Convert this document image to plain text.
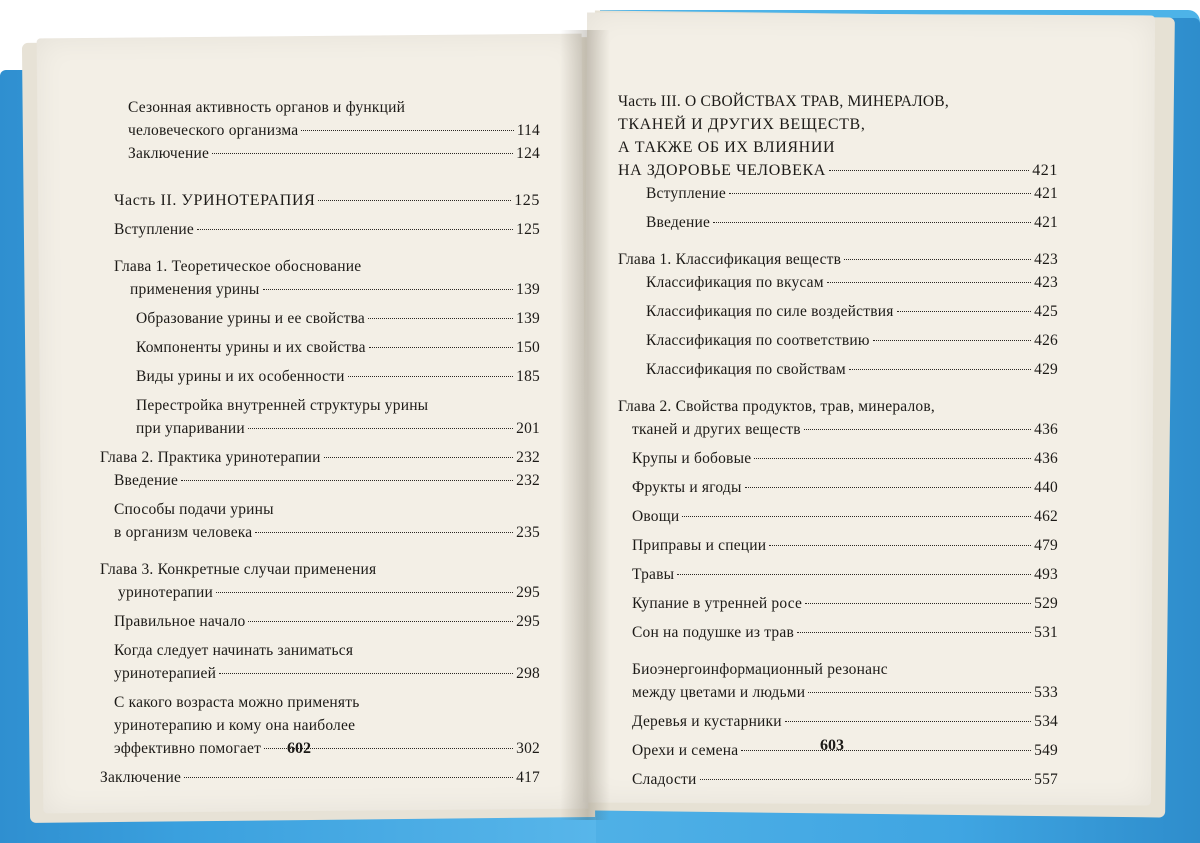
Сезонная активность органов и функций
человеческого организма	114
Заключение	124
Часть II. УРИНОТЕРАПИЯ	125
Вступление	125
Глава 1. Теоретическое обоснование
применения урины	139
Образование урины и ее свойства	139
Компоненты урины и их свойства	150
Виды урины и их особенности	185
Перестройка внутренней структуры урины
при упаривании	201
Глава 2. Практика уринотерапии	232
Введение	232
Способы подачи урины
в организм человека	235
Глава 3. Конкретные случаи применения
уринотерапии	295
Правильное начало	295
Когда следует начинать заниматься
уринотерапией	298
С какого возраста можно применять
уринотерапию и кому она наиболее
эффективно помогает	302
Заключение	417
602
Часть III. О СВОЙСТВАХ ТРАВ, МИНЕРАЛОВ,
ТКАНЕЙ И ДРУГИХ ВЕЩЕСТВ,
А ТАКЖЕ ОБ ИХ ВЛИЯНИИ
НА ЗДОРОВЬЕ ЧЕЛОВЕКА	421
Вступление	421
Введение	421
Глава 1. Классификация веществ	423
Классификация по вкусам	423
Классификация по силе воздействия	425
Классификация по соответствию	426
Классификация по свойствам	429
Глава 2. Свойства продуктов, трав, минералов,
тканей и других веществ	436
Крупы и бобовые	436
Фрукты и ягоды	440
Овощи	462
Приправы и специи	479
Травы	493
Купание в утренней росе	529
Сон на подушке из трав	531
Биоэнергоинформационный резонанс
между цветами и людьми	533
Деревья и кустарники	534
Орехи и семена	549
Сладости	557
603
